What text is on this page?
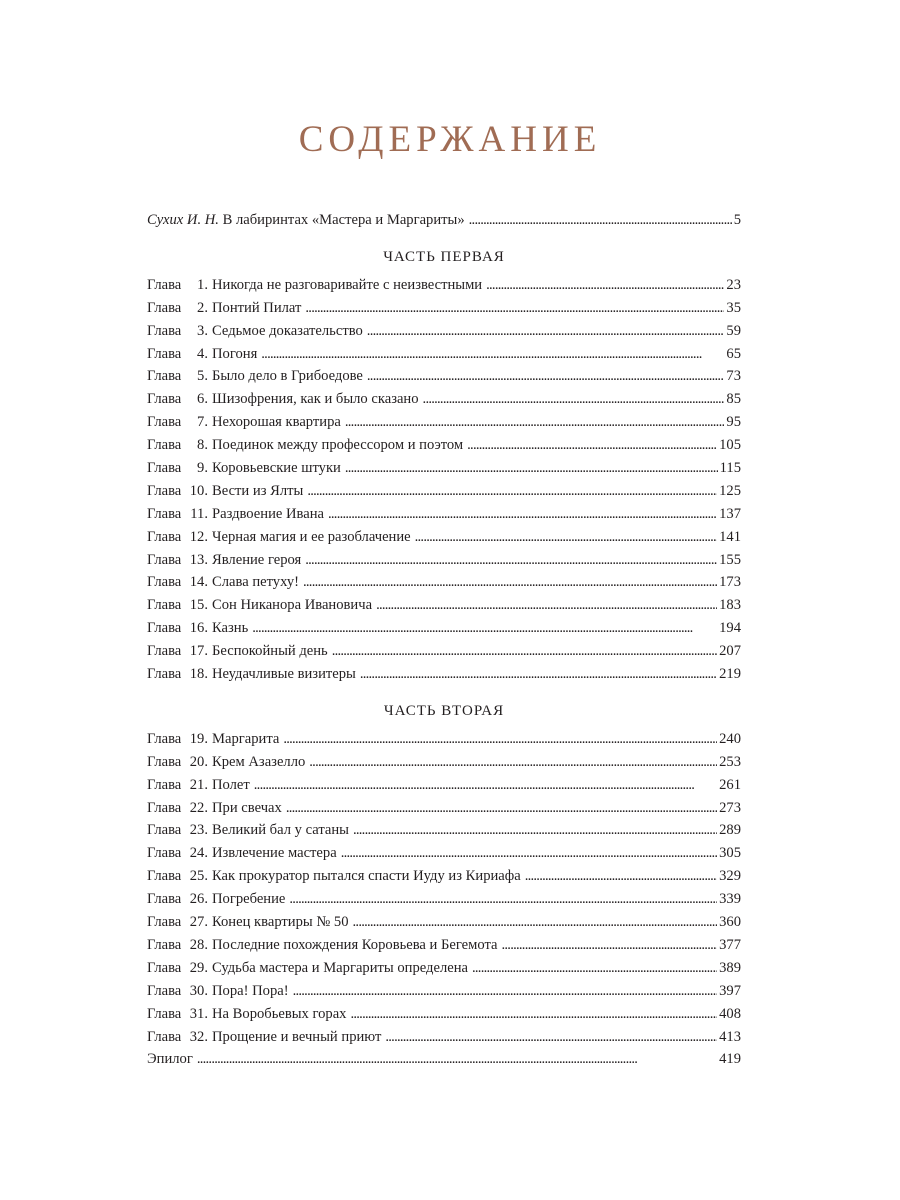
СОДЕРЖАНИЕ
Сухих И. Н. В лабиринтах «Мастера и Маргариты» . . .	5
ЧАСТЬ ПЕРВАЯ
Глава	1. Никогда не разговаривайте с неизвестными . . .	23
Глава	2. Понтий Пилат . . .	35
Глава	3. Седьмое доказательство . . .	59
Глава	4. Погоня . . .	65
Глава	5. Было дело в Грибоедове . . .	73
Глава	6. Шизофрения, как и было сказано . . .	85
Глава	7. Нехорошая квартира . . .	95
Глава	8. Поединок между профессором и поэтом . . .	105
Глава	9. Коровьевские штуки . . .	115
Глава 10. Вести из Ялты . . .	125
Глава 11. Раздвоение Ивана . . .	137
Глава 12. Черная магия и ее разоблачение . . .	141
Глава 13. Явление героя . . .	155
Глава 14. Слава петуху! . . .	173
Глава 15. Сон Никанора Ивановича . . .	183
Глава 16. Казнь . . .	194
Глава 17. Беспокойный день . . .	207
Глава 18. Неудачливые визитеры . . .	219
ЧАСТЬ ВТОРАЯ
Глава 19. Маргарита . . .	240
Глава 20. Крем Азазелло . . .	253
Глава 21. Полет . . .	261
Глава 22. При свечах . . .	273
Глава 23. Великий бал у сатаны . . .	289
Глава 24. Извлечение мастера . . .	305
Глава 25. Как прокуратор пытался спасти Иуду из Кириафа . . .	329
Глава 26. Погребение . . .	339
Глава 27. Конец квартиры № 50 . . .	360
Глава 28. Последние похождения Коровьева и Бегемота . . .	377
Глава 29. Судьба мастера и Маргариты определена . . .	389
Глава 30. Пора! Пора! . . .	397
Глава 31. На Воробьевых горах . . .	408
Глава 32. Прощение и вечный приют . . .	413
Эпилог . . .	419
